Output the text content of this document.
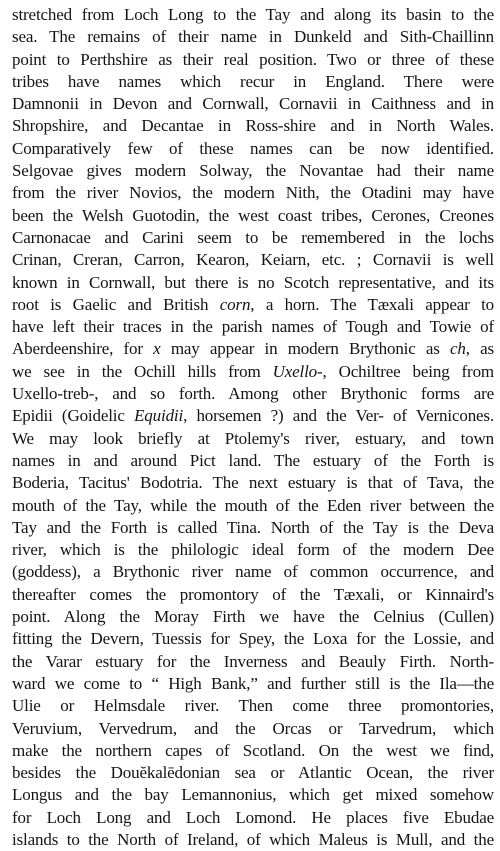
stretched from Loch Long to the Tay and along its basin to the
sea. The remains of their name in Dunkeld and Sith-Chaillinn
point to Perthshire as their real position. Two or three of these
tribes have names which recur in England. There were
Damnonii in Devon and Cornwall, Cornavii in Caithness and in
Shropshire, and Decantae in Ross-shire and in North Wales.
Comparatively few of these names can be now identified.
Selgovae gives modern Solway, the Novantae had their name
from the river Novios, the modern Nith, the Otadini may have
been the Welsh Guotodin, the west coast tribes, Cerones, Creones
Carnonacae and Carini seem to be remembered in the lochs
Crinan, Creran, Carron, Kearon, Keiarn, etc. ; Cornavii is well
known in Cornwall, but there is no Scotch representative, and its
root is Gaelic and British corn, a horn. The Tæxali appear to
have left their traces in the parish names of Tough and Towie of
Aberdeenshire, for x may appear in modern Brythonic as ch, as
we see in the Ochill hills from Uxello-, Ochiltree being from
Uxello-treb-, and so forth. Among other Brythonic forms are
Epidii (Goidelic Equidii, horsemen ?) and the Ver- of Vernicones.
We may look briefly at Ptolemy's river, estuary, and town
names in and around Pict land. The estuary of the Forth is
Boderia, Tacitus' Bodotria. The next estuary is that of Tava, the
mouth of the Tay, while the mouth of the Eden river between the
Tay and the Forth is called Tina. North of the Tay is the Deva
river, which is the philologic ideal form of the modern Dee
(goddess), a Brythonic river name of common occurrence, and
thereafter comes the promontory of the Tæxali, or Kinnaird's
point. Along the Moray Firth we have the Celnius (Cullen)
fitting the Devern, Tuessis for Spey, the Loxa for the Lossie, and
the Varar estuary for the Inverness and Beauly Firth. North-
ward we come to “ High Bank,” and further still is the Ila—the
Ulie or Helmsdale river. Then come three promontories,
Veruvium, Vervedrum, and the Orcas or Tarvedrum, which
make the northern capes of Scotland. On the west we find,
besides the Douĕkalēdonian sea or Atlantic Ocean, the river
Longus and the bay Lemannonius, which get mixed somehow
for Loch Long and Loch Lomond. He places five Ebudae
islands to the North of Ireland, of which Maleus is Mull, and the
